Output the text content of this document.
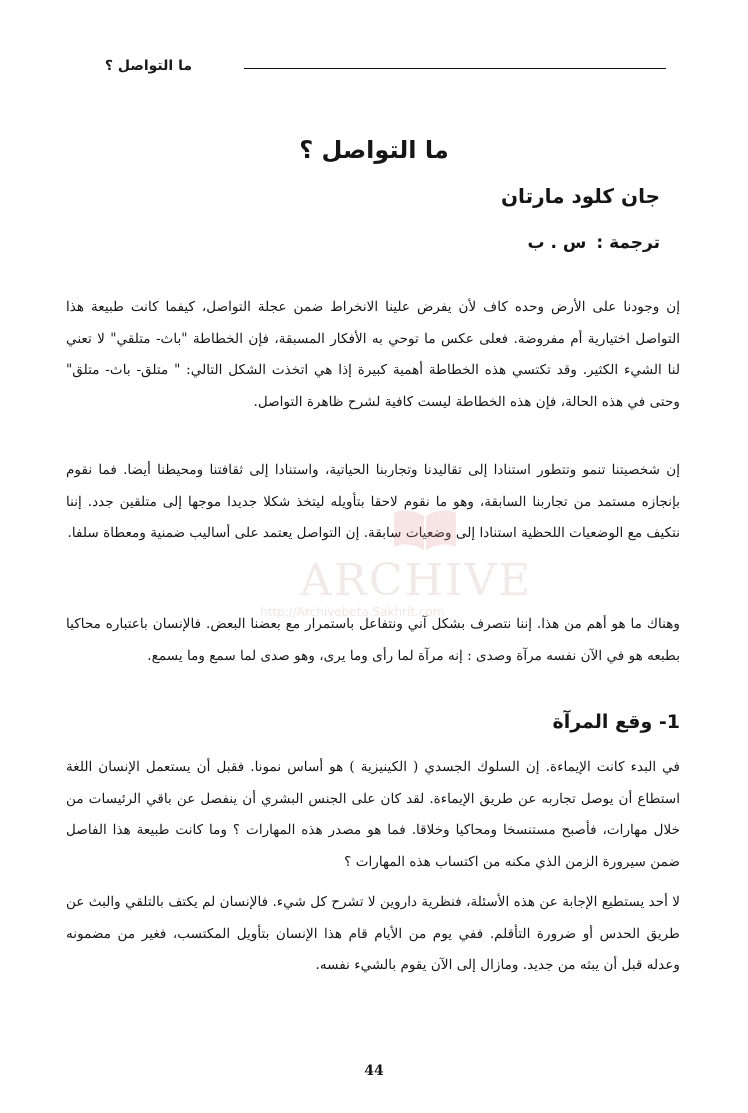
ما التواصل ؟
ما التواصل ؟
جان كلود مارتان
ترجمة :س . ب

إن وجودنا على الأرض وحده كاف لأن يفرض علينا الانخراط ضمن عجلة التواصل، كيفما كانت طبيعة هذا التواصل اختيارية أم مفروضة. فعلى عكس ما توحي به الأفكار المسبقة، فإن الخطاطة "باث- متلقي" لا تعني لنا الشيء الكثير. وقد تكتسي هذه الخطاطة أهمية كبيرة إذا هي اتخذت الشكل التالي: " متلق- باث- متلق" وحتى في هذه الحالة، فإن هذه الخطاطة ليست كافية لشرح ظاهرة التواصل.

إن شخصيتنا تنمو وتتطور استنادا إلى تقاليدنا وتجاربنا الحياتية، واستنادا إلى ثقافتنا ومحيطنا أيضا. فما نقوم بإنجازه مستمد من تجاربنا السابقة، وهو ما نقوم لاحقا بتأويله ليتخذ شكلا جديدا موجها إلى متلقين جدد. إننا نتكيف مع الوضعيات اللحظية استنادا إلى وضعيات سابقة. إن التواصل يعتمد على أساليب ضمنية ومعطاة سلفا.

وهناك ما هو أهم من هذا. إننا نتصرف بشكل آني ونتفاعل باستمرار مع بعضنا البعض. فالإنسان باعتباره محاكيا بطبعه هو في الآن نفسه مرآة وصدى : إنه مرآة لما رأى وما يرى، وهو صدى لما سمع وما يسمع.

1- وقع المرآة

في البدء كانت الإيماءة. إن السلوك الجسدي ( الكينيزية ) هو أساس نمونا. فقبل أن يستعمل الإنسان اللغة استطاع أن يوصل تجاربه عن طريق الإيماءة. لقد كان على الجنس البشري أن ينفصل عن باقي الرئيسات من خلال مهارات، فأصبح مستنسخا ومحاكيا وخلاقا. فما هو مصدر هذه المهارات ؟ وما كانت طبيعة هذا الفاصل ضمن سيرورة الزمن الذي مكنه من اكتساب هذه المهارات ؟

لا أحد يستطيع الإجابة عن هذه الأسئلة، فنظرية داروين لا تشرح كل شيء. فالإنسان لم يكتف بالتلقي والبث عن طريق الحدس أو ضرورة التأقلم. ففي يوم من الأيام قام هذا الإنسان بتأويل المكتسب، فغير من مضمونه وعدله قبل أن يبثه من جديد. ومازال إلى الآن يقوم بالشيء نفسه.

ARCHIVE
http://Archivebeta.Sakhrit.com
44
